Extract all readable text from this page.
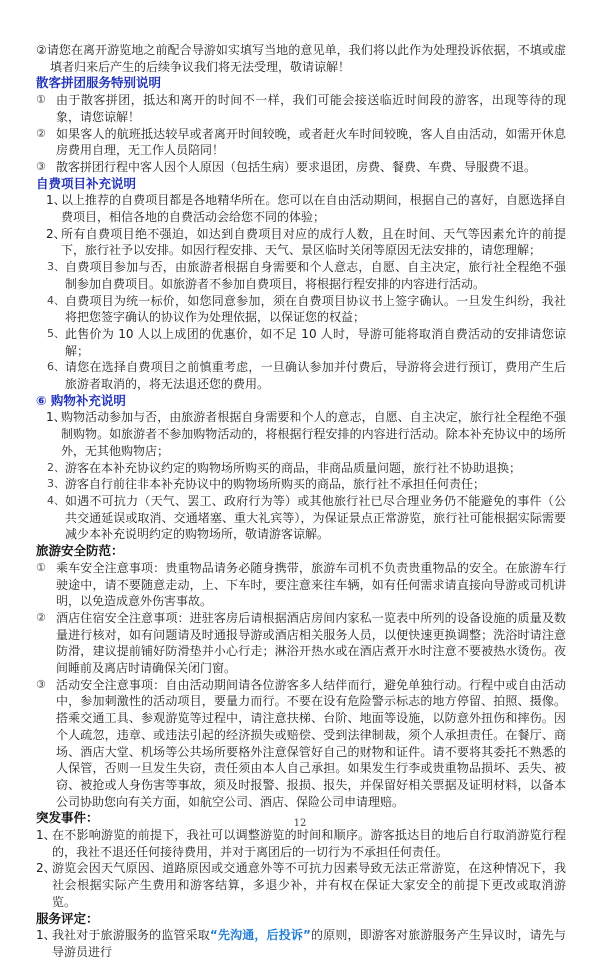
②请您在离开游览地之前配合导游如实填写当地的意见单，我们将以此作为处理投诉依据，不填或虚填者归来后产生的后续争议我们将无法受理，敬请谅解！
散客拼团服务特别说明
① 由于散客拼团，抵达和离开的时间不一样，我们可能会接送临近时间段的游客，出现等待的现象，请您谅解！
② 如果客人的航班抵达较早或者离开时间较晚，或者赶火车时间较晚，客人自由活动，如需开休息房费用自理，无工作人员陪同！
③ 散客拼团行程中客人因个人原因（包括生病）要求退团，房费、餐费、车费、导服费不退。
自费项目补充说明
1、
以上推荐的自费项目都是各地精华所在。您可以在自由活动期间，根据自己的喜好，自愿选择自费项目，相信各地的自费活动会给您不同的体验；
2、
所有自费项目绝不强迫，如达到自费项目对应的成行人数，且在时间、天气等因素允许的前提下，旅行社予以安排。如因行程安排、天气、景区临时关闭等原因无法安排的，请您理解；
3、 自费项目参加与否，由旅游者根据自身需要和个人意志，自愿、自主决定，旅行社全程绝不强制参加自费项目。如旅游者不参加自费项目，将根据行程安排的内容进行活动。
4、 自费项目为统一标价，如您同意参加，须在自费项目协议书上签字确认。一旦发生纠纷，我社将把您签字确认的协议作为处理依据，以保证您的权益；
5、 此售价为 10 人以上成团的优惠价，如不足 10 人时，导游可能将取消自费活动的安排请您谅解；
6、 请您在选择自费项目之前慎重考虑，一旦确认参加并付费后，导游将会进行预订，费用产生后旅游者取消的，将无法退还您的费用。
⑥ 购物补充说明
1、
购物活动参加与否，由旅游者根据自身需要和个人的意志，自愿、自主决定，旅行社全程绝不强制购物。如旅游者不参加购物活动的，将根据行程安排的内容进行活动。除本补充协议中的场所外，无其他购物店；
2、 游客在本补充协议约定的购物场所购买的商品，非商品质量问题，旅行社不协助退换；
3、 游客自行前往非本补充协议中的购物场所购买的商品，旅行社不承担任何责任；
4、 如遇不可抗力（天气、罢工、政府行为等）或其他旅行社已尽合理业务仍不能避免的事件（公共交通延误或取消、交通堵塞、重大礼宾等），为保证景点正常游览，旅行社可能根据实际需要减少本补充说明约定的购物场所，敬请游客谅解。
旅游安全防范：
① 乘车安全注意事项：贵重物品请务必随身携带，旅游车司机不负责贵重物品的安全。在旅游车行驶途中，请不要随意走动，上、下车时，要注意来往车辆，如有任何需求请直接向导游或司机讲明，以免造成意外伤害事故。
② 酒店住宿安全注意事项：进驻客房后请根据酒店房间内家私一览表中所列的设备设施的质量及数量进行核对，如有问题请及时通报导游或酒店相关服务人员，以便快速更换调整；洗浴时请注意防滑，建议提前铺好防滑垫并小心行走；淋浴开热水或在酒店煮开水时注意不要被热水烫伤。夜间睡前及离店时请确保关闭门窗。
③ 活动安全注意事项：自由活动期间请各位游客多人结伴而行，避免单独行动。行程中或自由活动中，参加刺激性的活动项目，要量力而行。不要在设有危险警示标志的地方停留、拍照、摄像。搭乘交通工具、参观游览等过程中，请注意扶梯、台阶、地面等设施，以防意外扭伤和摔伤。因个人疏忽，违章、或违法引起的经济损失或赔偿、受到法律制裁，须个人承担责任。在餐厅、商场、酒店大堂、机场等公共场所要格外注意保管好自己的财物和证件。请不要将其委托不熟悉的人保管，否则一旦发生失窃，责任须由本人自己承担。如果发生行李或贵重物品损坏、丢失、被窃、被抢或人身伤害等事故，须及时报警、报损、报失，并保留好相关票据及证明材料，以备本公司协助您向有关方面，如航空公司、酒店、保险公司申请理赔。
突发事件：
1、
在不影响游览的前提下，我社可以调整游览的时间和顺序。游客抵达目的地后自行取消游览行程的，我社不退还任何接待费用，并对于离团后的一切行为不承担任何责任。
2、
游览会因天气原因、道路原因或交通意外等不可抗力因素导致无法正常游览，在这种情况下，我社会根据实际产生费用和游客结算，多退少补，并有权在保证大家安全的前提下更改或取消游览。
服务评定：
1、
我社对于旅游服务的监管采取“先沟通，后投诉”的原则，即游客对旅游服务产生异议时，请先与导游员进行
12
